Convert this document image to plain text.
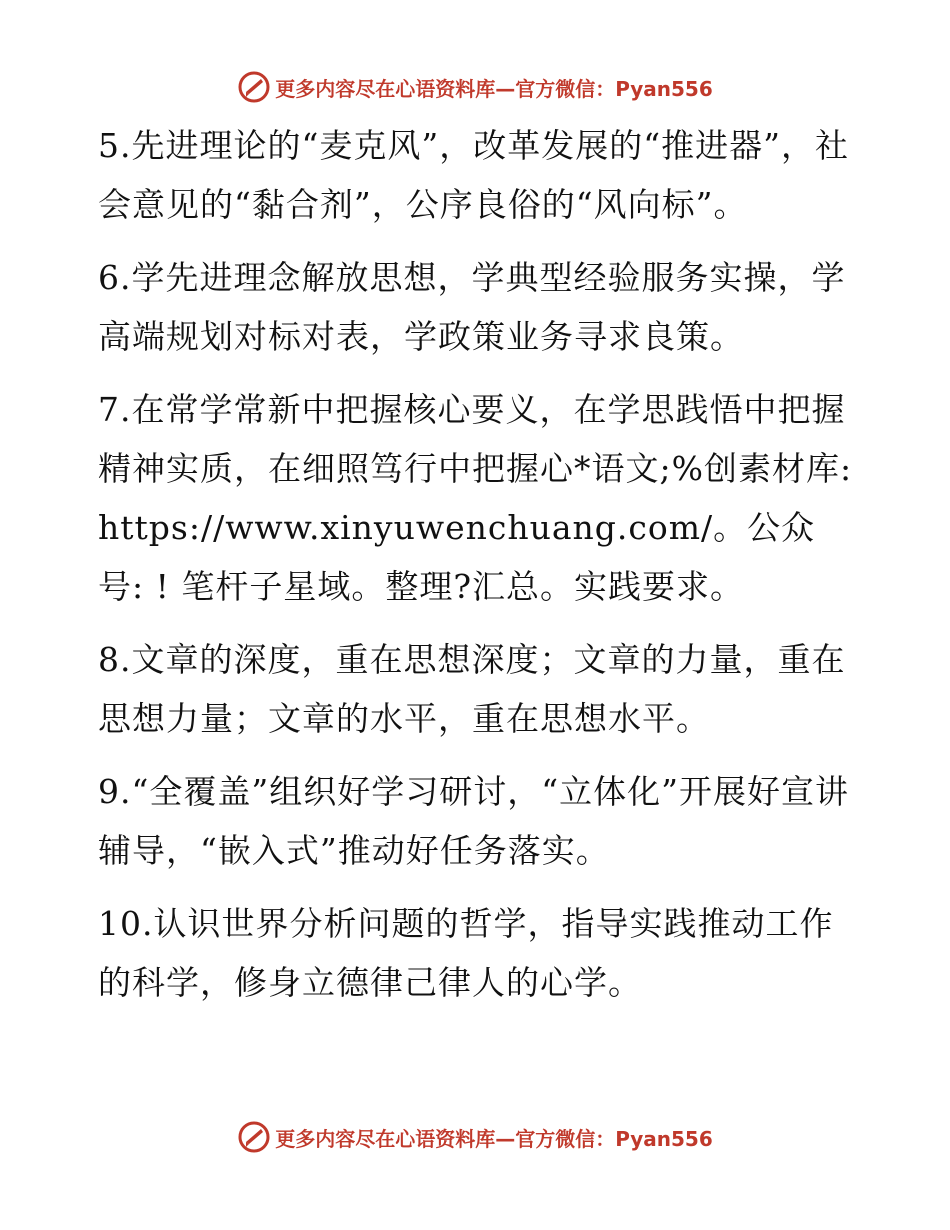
更多内容尽在心语资料库—官方微信：Pyan556

5.先进理论的“麦克风”，改革发展的“推进器”，社会意见的“黏合剂”，公序良俗的“风向标”。

6.学先进理念解放思想，学典型经验服务实操，学高端规划对标对表，学政策业务寻求良策。

7.在常学常新中把握核心要义，在学思践悟中把握精神实质，在细照笃行中把握心*语文;%创素材库: https://www.xinyuwenchuang.com/。公众号: ! 笔杆子星域。整理?汇总。实践要求。

8.文章的深度，重在思想深度；文章的力量，重在思想力量；文章的水平，重在思想水平。

9.“全覆盖”组织好学习研讨，“立体化”开展好宣讲辅导，“嵌入式”推动好任务落实。

10.认识世界分析问题的哲学，指导实践推动工作的科学，修身立德律己律人的心学。

更多内容尽在心语资料库—官方微信：Pyan556
